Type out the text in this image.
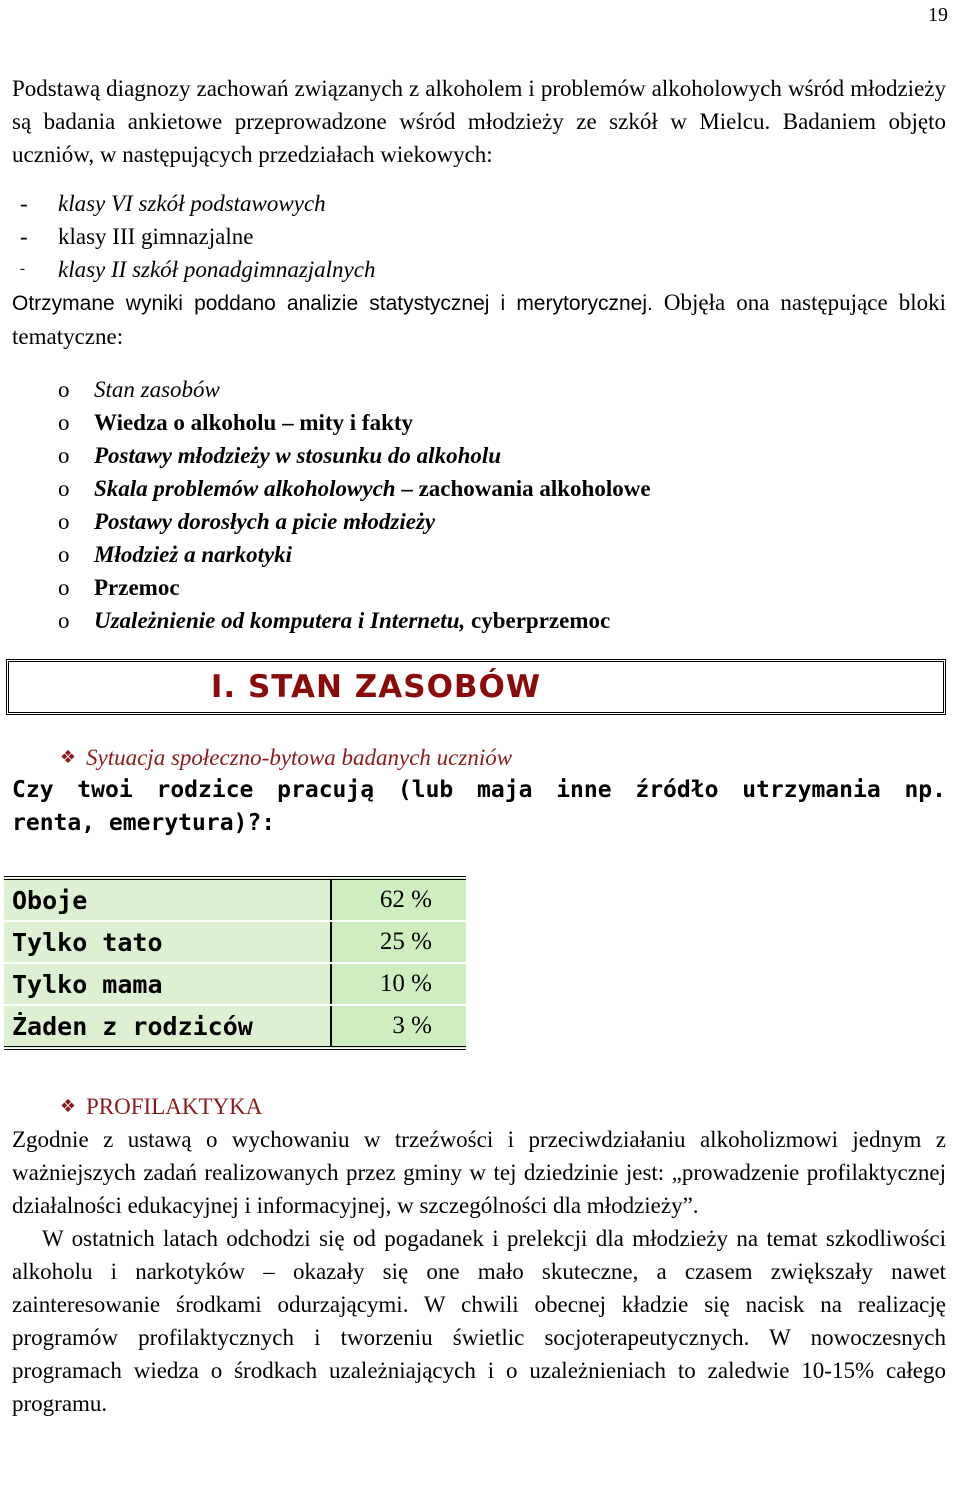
19

Podstawą diagnozy zachowań związanych z alkoholem i problemów alkoholowych wśród młodzieży są badania ankietowe przeprowadzone wśród młodzieży ze szkół w Mielcu. Badaniem objęto uczniów, w następujących przedziałach wiekowych:

-	klasy VI szkół podstawowych
-	klasy III gimnazjalne
-	klasy II szkół ponadgimnazjalnych

Otrzymane wyniki poddano analizie statystycznej i merytorycznej. Objęła ona następujące bloki tematyczne:

o	Stan zasobów
o	Wiedza o alkoholu – mity i fakty
o	Postawy młodzieży w stosunku do alkoholu
o	Skala problemów alkoholowych – zachowania alkoholowe
o	Postawy dorosłych a picie młodzieży
o	Młodzież a narkotyki
o	Przemoc
o	Uzależnienie od komputera i Internetu, cyberprzemoc
I. STAN ZASOBÓW
❖ Sytuacja społeczno-bytowa badanych uczniów

Czy twoi rodzice pracują (lub maja inne źródło utrzymania np. renta, emerytura)?:

Oboje	62 %
Tylko tato	25 %
Tylko mama	10 %
Żaden z rodziców	3 %
❖ PROFILAKTYKA

Zgodnie z ustawą o wychowaniu w trzeźwości i przeciwdziałaniu alkoholizmowi jednym z ważniejszych zadań realizowanych przez gminy w tej dziedzinie jest: „prowadzenie profilaktycznej działalności edukacyjnej i informacyjnej, w szczególności dla młodzieży”.

W ostatnich latach odchodzi się od pogadanek i prelekcji dla młodzieży na temat szkodliwości alkoholu i narkotyków – okazały się one mało skuteczne, a czasem zwiększały nawet zainteresowanie środkami odurzającymi. W chwili obecnej kładzie się nacisk na realizację programów profilaktycznych i tworzeniu świetlic socjoterapeutycznych. W nowoczesnych programach wiedza o środkach uzależniających i o uzależnieniach to zaledwie 10-15% całego programu.
